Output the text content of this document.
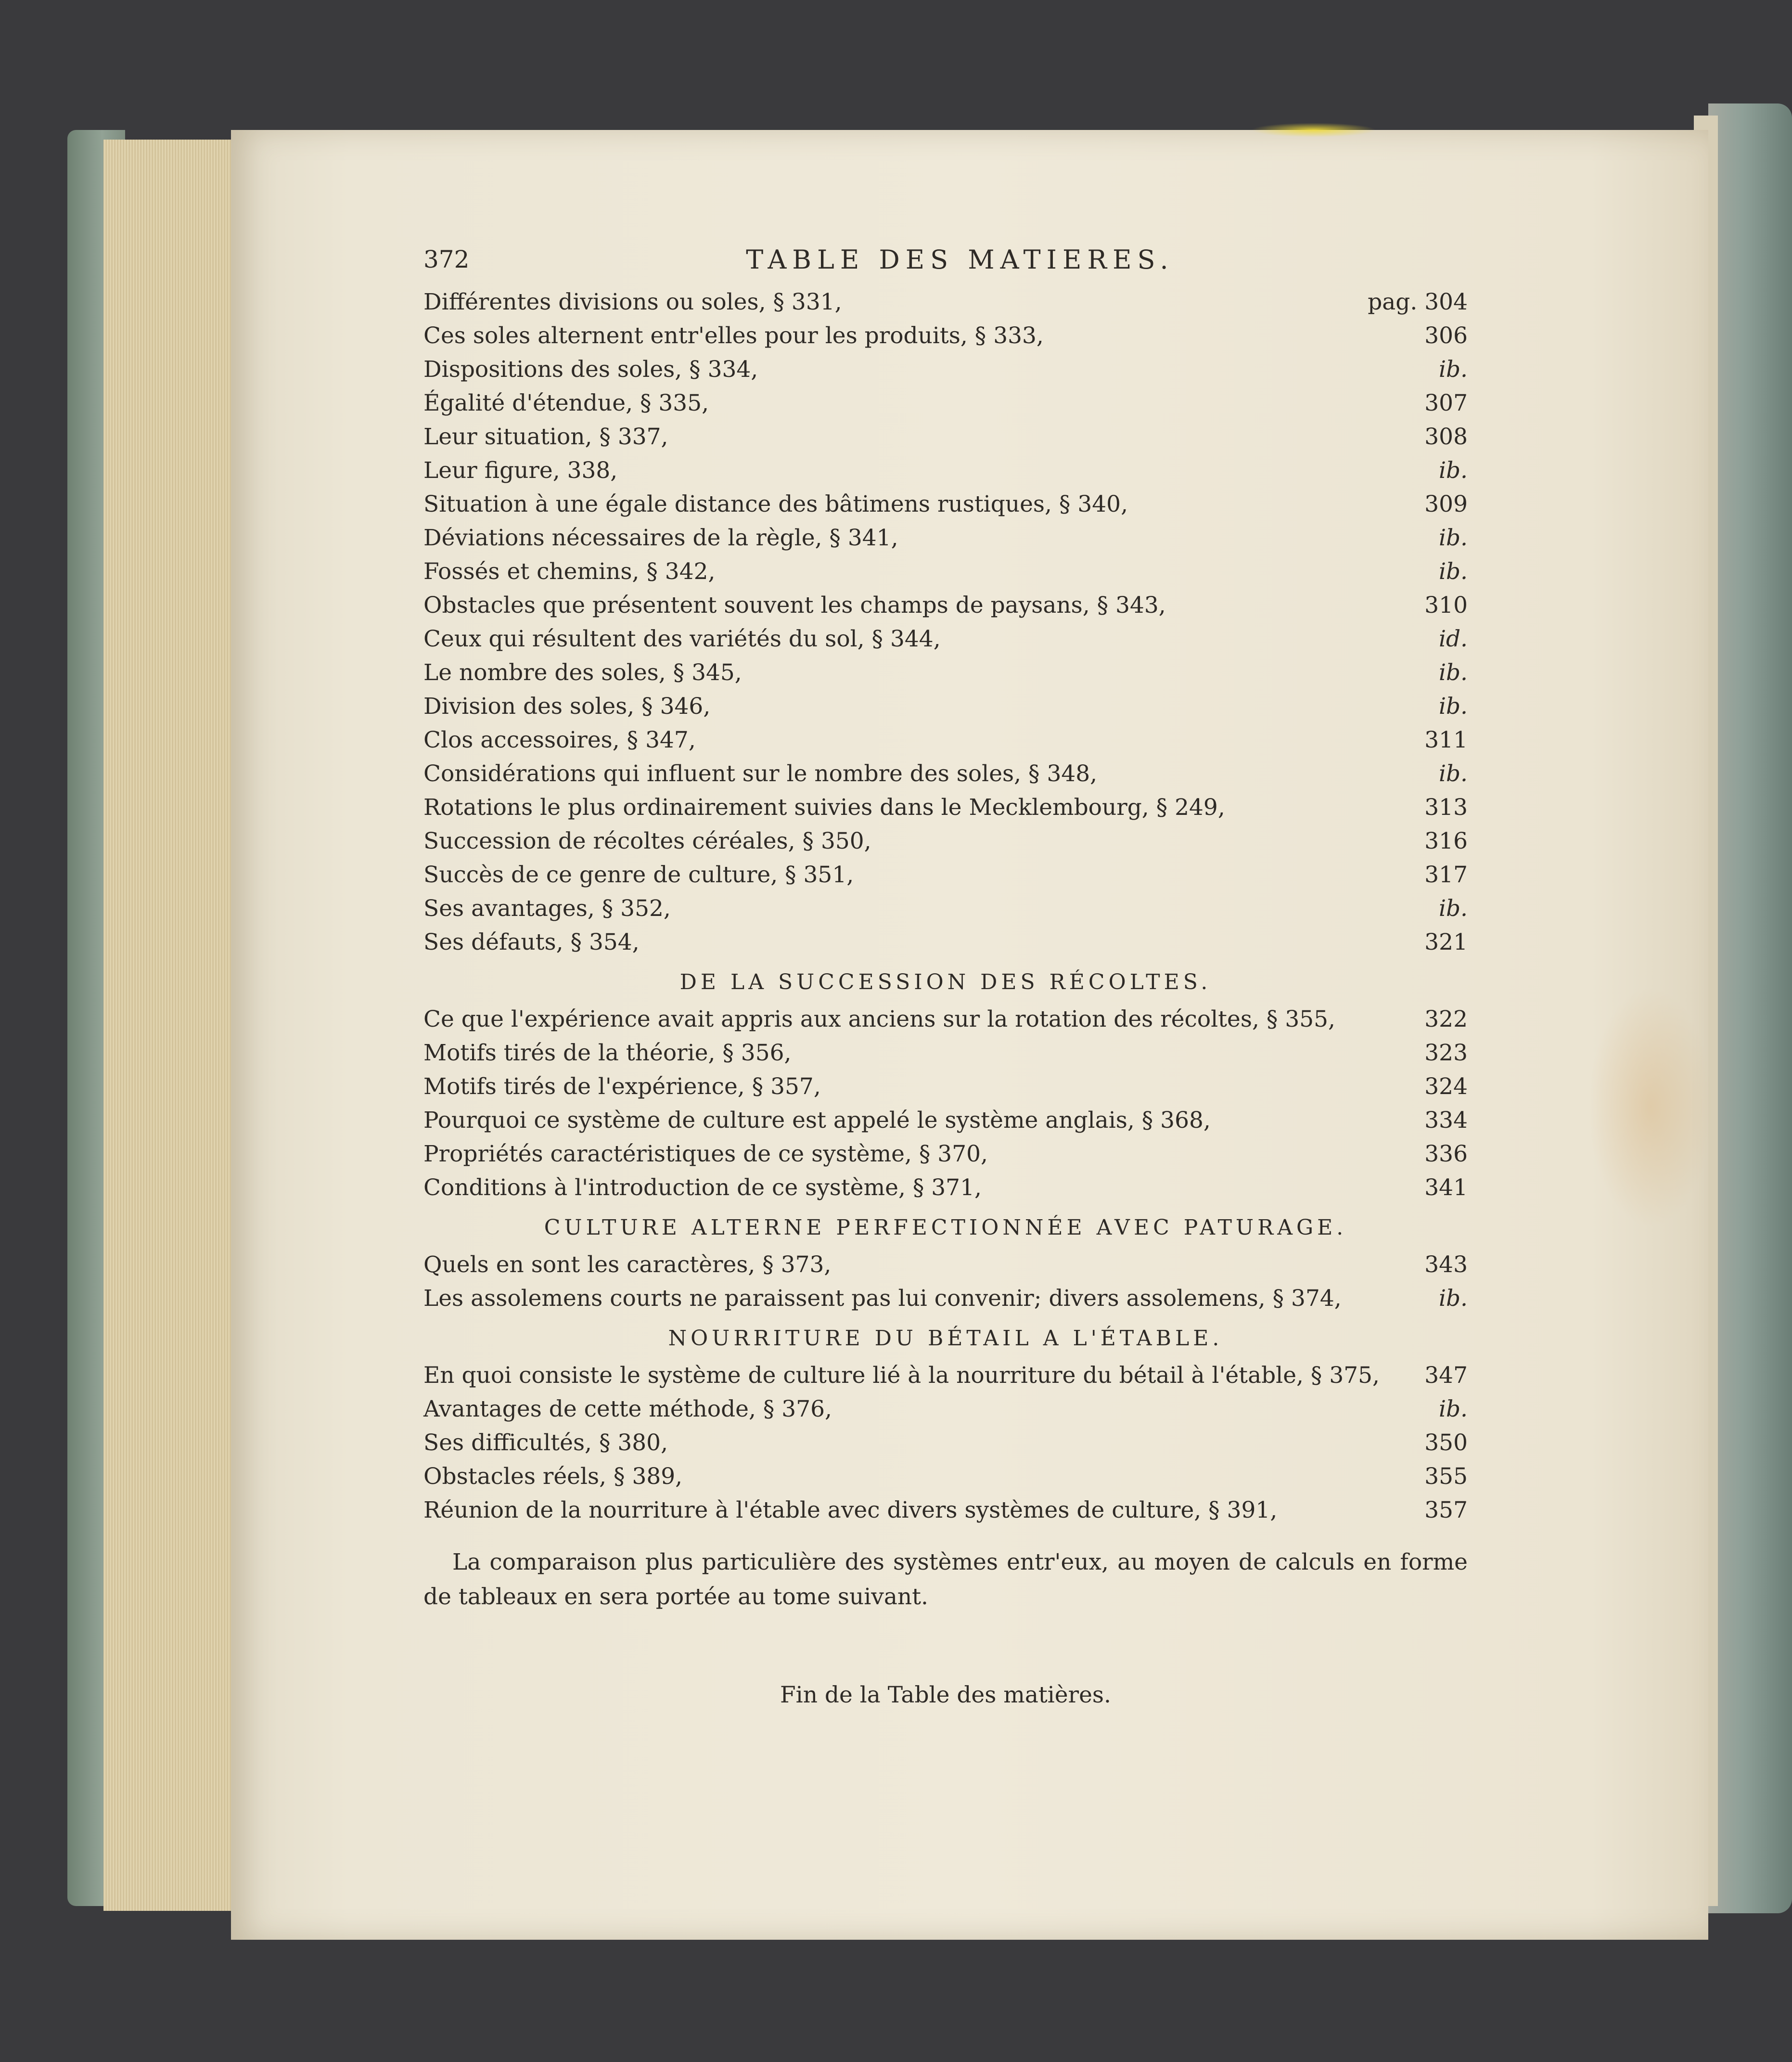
372	TABLE DES MATIERES.
Différentes divisions ou soles, § 331,	pag. 304
Ces soles alternent entr'elles pour les produits, § 333,	306
Dispositions des soles, § 334,	ib.
Égalité d'étendue, § 335,	307
Leur situation, § 337,	308
Leur figure, 338,	ib.
Situation à une égale distance des bâtimens rustiques, § 340,	309
Déviations nécessaires de la règle, § 341,	ib.
Fossés et chemins, § 342,	ib.
Obstacles que présentent souvent les champs de paysans, § 343,	310
Ceux qui résultent des variétés du sol, § 344,	id.
Le nombre des soles, § 345,	ib.
Division des soles, § 346,	ib.
Clos accessoires, § 347,	311
Considérations qui influent sur le nombre des soles, § 348,	ib.
Rotations le plus ordinairement suivies dans le Mecklembourg, § 249,	313
Succession de récoltes céréales, § 350,	316
Succès de ce genre de culture, § 351,	317
Ses avantages, § 352,	ib.
Ses défauts, § 354,	321
DE LA SUCCESSION DES RÉCOLTES.
Ce que l'expérience avait appris aux anciens sur la rotation des récoltes, § 355,	322
Motifs tirés de la théorie, § 356,	323
Motifs tirés de l'expérience, § 357,	324
Pourquoi ce système de culture est appelé le système anglais, § 368,	334
Propriétés caractéristiques de ce système, § 370,	336
Conditions à l'introduction de ce système, § 371,	341
CULTURE ALTERNE PERFECTIONNÉE AVEC PATURAGE.
Quels en sont les caractères, § 373,	343
Les assolemens courts ne paraissent pas lui convenir; divers assolemens, § 374,	ib.
NOURRITURE DU BÉTAIL A L'ÉTABLE.
En quoi consiste le système de culture lié à la nourriture du bétail à l'étable, § 375,	347
Avantages de cette méthode, § 376,	ib.
Ses difficultés, § 380,	350
Obstacles réels, § 389,	355
Réunion de la nourriture à l'étable avec divers systèmes de culture, § 391,	357

La comparaison plus particulière des systèmes entr'eux, au moyen de calculs en forme de tableaux en sera portée au tome suivant.

Fin de la Table des matières.
